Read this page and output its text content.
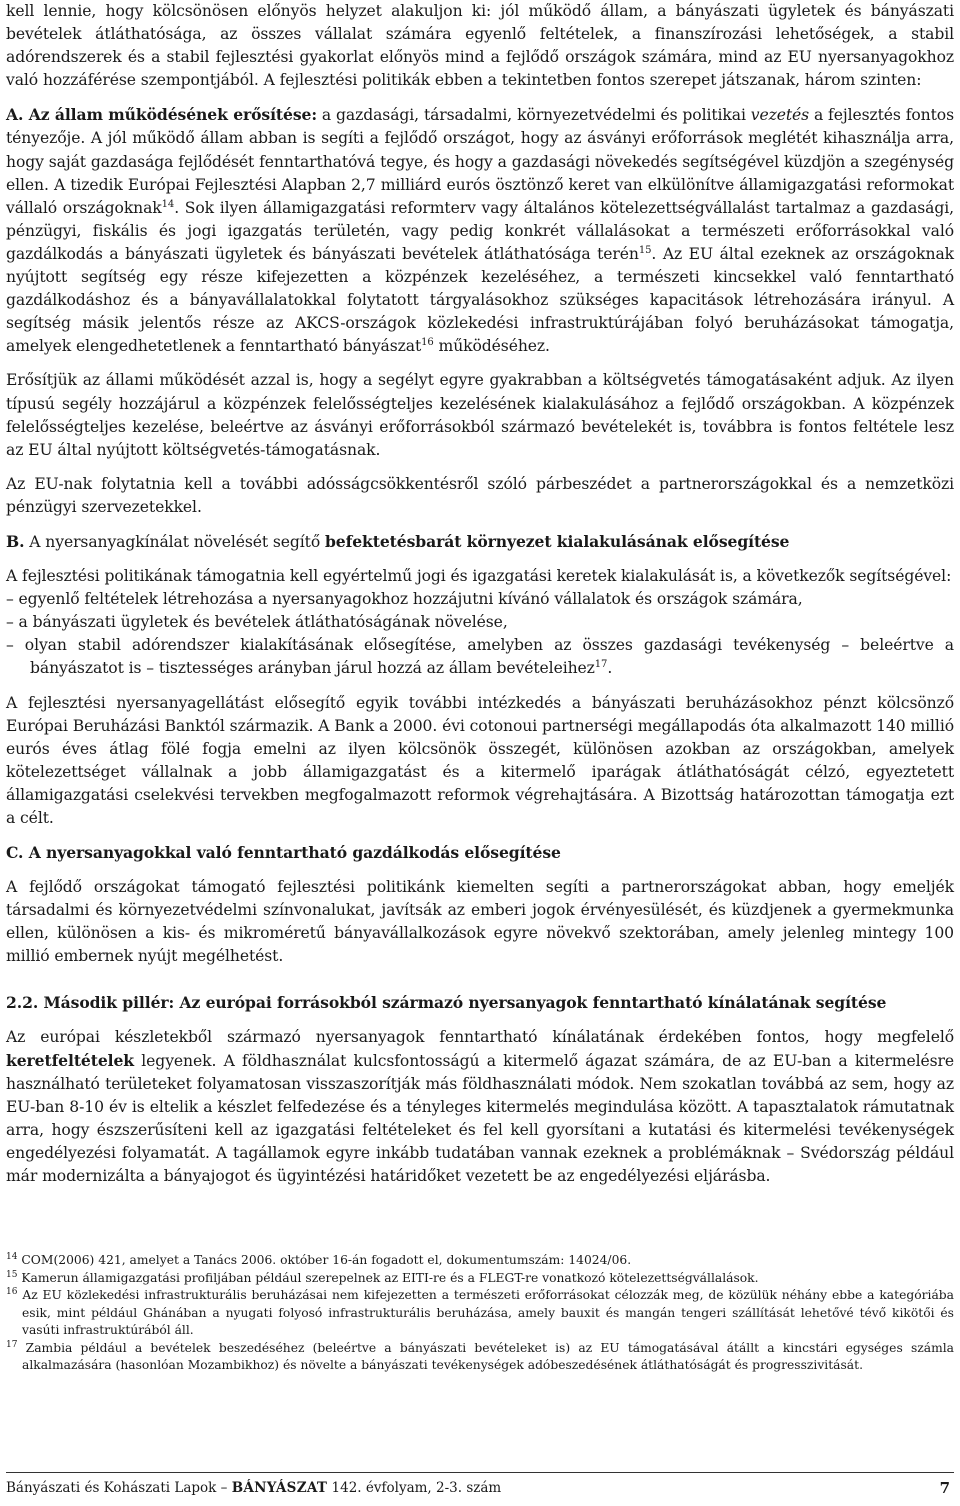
kell lennie, hogy kölcsönösen előnyös helyzet alakuljon ki: jól működő állam, a bányászati ügyletek és bányászati bevételek átláthatósága, az összes vállalat számára egyenlő feltételek, a finanszírozási lehetőségek, a stabil adórendszerek és a stabil fejlesztési gyakorlat előnyös mind a fejlődő országok számára, mind az EU nyersanyagokhoz való hozzáférése szempontjából. A fejlesztési politikák ebben a tekintetben fontos szerepet játszanak, három szinten:

A. Az állam működésének erősítése: a gazdasági, társadalmi, környezetvédelmi és politikai vezetés a fejlesztés fontos tényezője. A jól működő állam abban is segíti a fejlődő országot, hogy az ásványi erőforrások meglétét kihasználja arra, hogy saját gazdasága fejlődését fenntarthatóvá tegye, és hogy a gazdasági növekedés segítségével küzdjön a szegénység ellen. A tizedik Európai Fejlesztési Alapban 2,7 milliárd eurós ösztönző keret van elkülönítve államigazgatási reformokat vállaló országoknak$^{14}$. Sok ilyen államigazgatási reformterv vagy általános kötelezettségvállalást tartalmaz a gazdasági, pénzügyi, fiskális és jogi igazgatás területén, vagy pedig konkrét vállalásokat a természeti erőforrásokkal való gazdálkodás a bányászati ügyletek és bányászati bevételek átláthatósága terén$^{15}$. Az EU által ezeknek az országoknak nyújtott segítség egy része kifejezetten a közpénzek kezeléséhez, a természeti kincsekkel való fenntartható gazdálkodáshoz és a bányavállalatokkal folytatott tárgyalásokhoz szükséges kapacitások létrehozására irányul. A segítség másik jelentős része az AKCS-országok közlekedési infrastruktúrájában folyó beruházásokat támogatja, amelyek elengedhetetlenek a fenntartható bányászat$^{16}$ működéséhez.

Erősítjük az állami működését azzal is, hogy a segélyt egyre gyakrabban a költségvetés támogatásaként adjuk. Az ilyen típusú segély hozzájárul a közpénzek felelősségteljes kezelésének kialakulásához a fejlődő országokban. A közpénzek felelősségteljes kezelése, beleértve az ásványi erőforrásokból származó bevételekét is, továbbra is fontos feltétele lesz az EU által nyújtott költségvetés-támogatásnak.

Az EU-nak folytatnia kell a további adósságcsökkentésről szóló párbeszédet a partnerországokkal és a nemzetközi pénzügyi szervezetekkel.

B. A nyersanyagkínálat növelését segítő befektetésbarát környezet kialakulásának elősegítése

A fejlesztési politikának támogatnia kell egyértelmű jogi és igazgatási keretek kialakulását is, a következők segítségével:

– egyenlő feltételek létrehozása a nyersanyagokhoz hozzájutni kívánó vállalatok és országok számára,

– a bányászati ügyletek és bevételek átláthatóságának növelése,

– olyan stabil adórendszer kialakításának elősegítése, amelyben az összes gazdasági tevékenység – beleértve a bányászatot is – tisztességes arányban járul hozzá az állam bevételeihez$^{17}$.

A fejlesztési nyersanyagellátást elősegítő egyik további intézkedés a bányászati beruházásokhoz pénzt kölcsönző Európai Beruházási Banktól származik. A Bank a 2000. évi cotonoui partnerségi megállapodás óta alkalmazott 140 millió eurós éves átlag fölé fogja emelni az ilyen kölcsönök összegét, különösen azokban az országokban, amelyek kötelezettséget vállalnak a jobb államigazgatást és a kitermelő iparágak átláthatóságát célzó, egyeztetett államigazgatási cselekvési tervekben megfogalmazott reformok végrehajtására. A Bizottság határozottan támogatja ezt a célt.

C. A nyersanyagokkal való fenntartható gazdálkodás elősegítése

A fejlődő országokat támogató fejlesztési politikánk kiemelten segíti a partnerországokat abban, hogy emeljék társadalmi és környezetvédelmi színvonalukat, javítsák az emberi jogok érvényesülését, és küzdjenek a gyermekmunka ellen, különösen a kis- és mikroméretű bányavállalkozások egyre növekvő szektorában, amely jelenleg mintegy 100 millió embernek nyújt megélhetést.

2.2. Második pillér: Az európai forrásokból származó nyersanyagok fenntartható kínálatának segítése

Az európai készletekből származó nyersanyagok fenntartható kínálatának érdekében fontos, hogy megfelelő keretfeltételek legyenek. A földhasználat kulcsfontosságú a kitermelő ágazat számára, de az EU-ban a kitermelésre használható területeket folyamatosan visszaszorítják más földhasználati módok. Nem szokatlan továbbá az sem, hogy az EU-ban 8-10 év is eltelik a készlet felfedezése és a tényleges kitermelés megindulása között. A tapasztalatok rámutatnak arra, hogy észszerűsíteni kell az igazgatási feltételeket és fel kell gyorsítani a kutatási és kitermelési tevékenységek engedélyezési folyamatát. A tagállamok egyre inkább tudatában vannak ezeknek a problémáknak – Svédország például már modernizálta a bányajogot és ügyintézési határidőket vezetett be az engedélyezési eljárásba.

$^{14}$ COM(2006) 421, amelyet a Tanács 2006. október 16-án fogadott el, dokumentumszám: 14024/06.

$^{15}$ Kamerun államigazgatási profiljában például szerepelnek az EITI-re és a FLEGT-re vonatkozó kötelezettségvállalások.

$^{16}$ Az EU közlekedési infrastrukturális beruházásai nem kifejezetten a természeti erőforrásokat célozzák meg, de közülük néhány ebbe a kategóriába esik, mint például Ghánában a nyugati folyosó infrastrukturális beruházása, amely bauxit és mangán tengeri szállítását lehetővé tévő kikötői és vasúti infrastruktúrából áll.

$^{17}$ Zambia például a bevételek beszedéséhez (beleértve a bányászati bevételeket is) az EU támogatásával átállt a kincstári egységes számla alkalmazására (hasonlóan Mozambikhoz) és növelte a bányászati tevékenységek adóbeszedésének átláthatóságát és progresszivitását.

Bányászati és Kohászati Lapok – BÁNYÁSZAT 142. évfolyam, 2-3. szám	7
